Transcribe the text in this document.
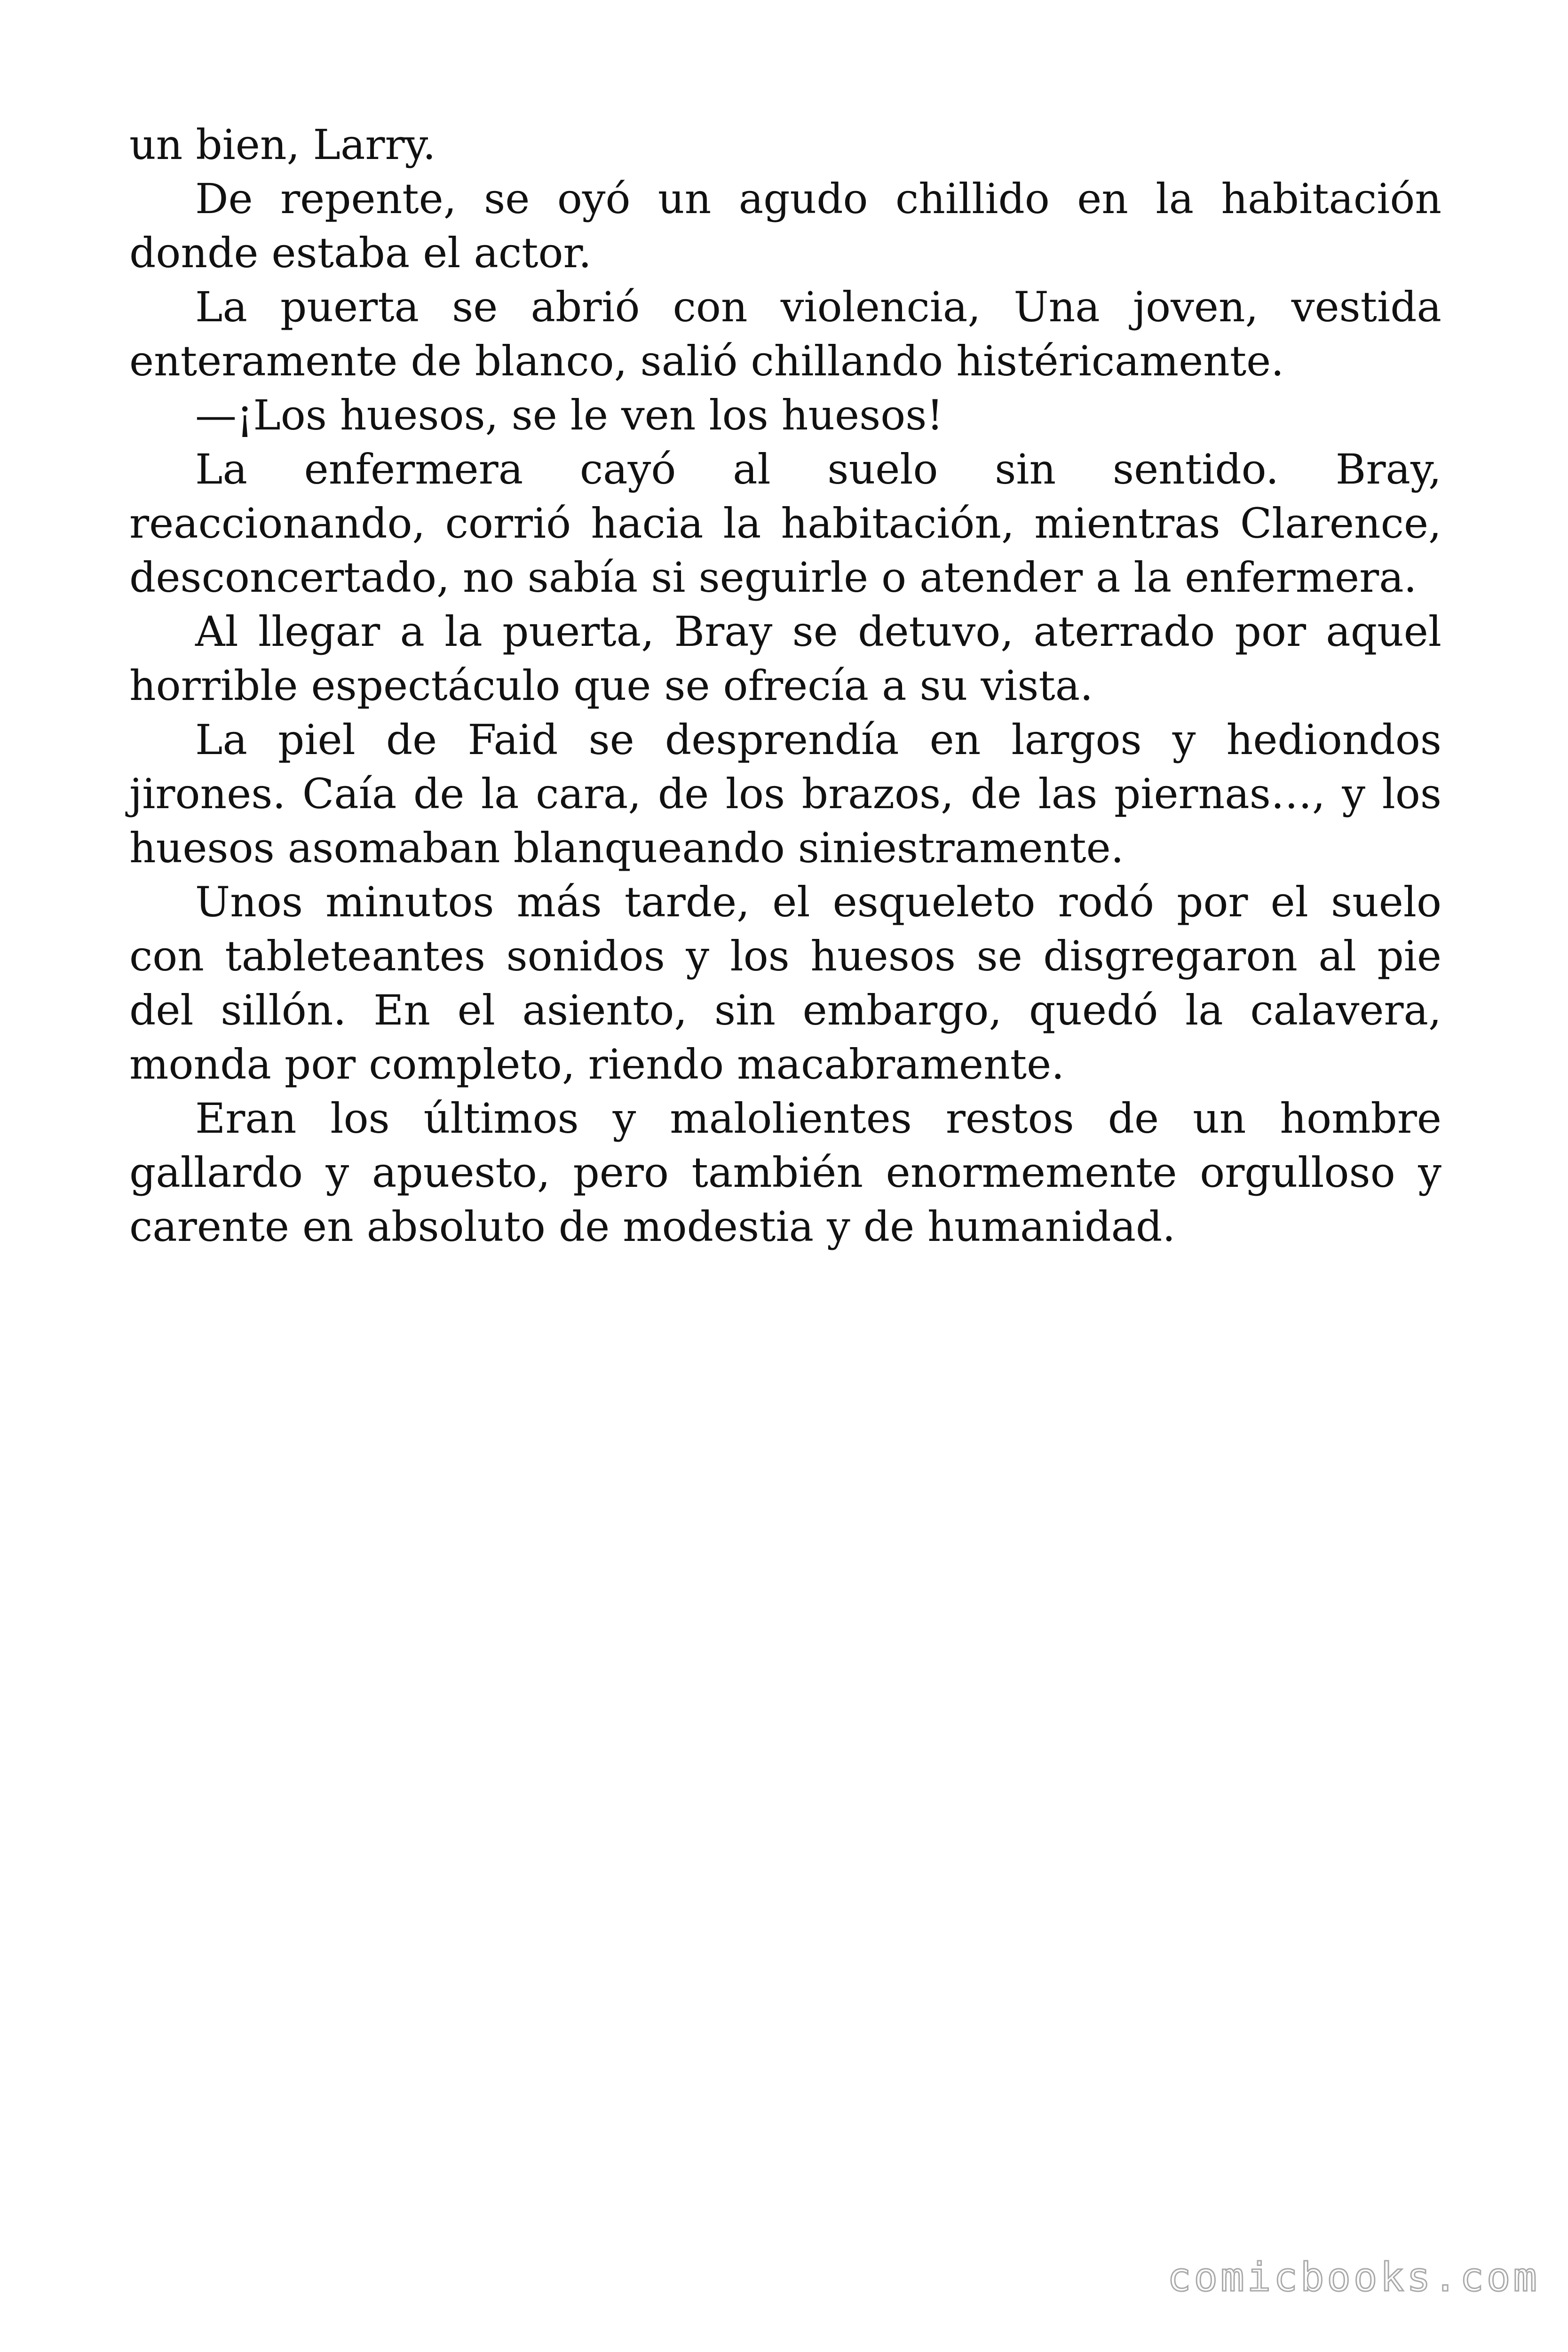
un bien, Larry.

De repente, se oyó un agudo chillido en la habitación donde estaba el actor.

La puerta se abrió con violencia, Una joven, vestida enteramente de blanco, salió chillando histéricamente.

—¡Los huesos, se le ven los huesos!

La enfermera cayó al suelo sin sentido. Bray, reaccionando, corrió hacia la habitación, mientras Clarence, desconcertado, no sabía si seguirle o atender a la enfermera.

Al llegar a la puerta, Bray se detuvo, aterrado por aquel horrible espectáculo que se ofrecía a su vista.

La piel de Faid se desprendía en largos y hediondos jirones. Caía de la cara, de los brazos, de las piernas…, y los huesos asomaban blanqueando siniestramente.

Unos minutos más tarde, el esqueleto rodó por el suelo con tableteantes sonidos y los huesos se disgregaron al pie del sillón. En el asiento, sin embargo, quedó la calavera, monda por completo, riendo macabramente.

Eran los últimos y malolientes restos de un hombre gallardo y apuesto, pero también enormemente orgulloso y carente en absoluto de modestia y de humanidad.

comicbooks.com
